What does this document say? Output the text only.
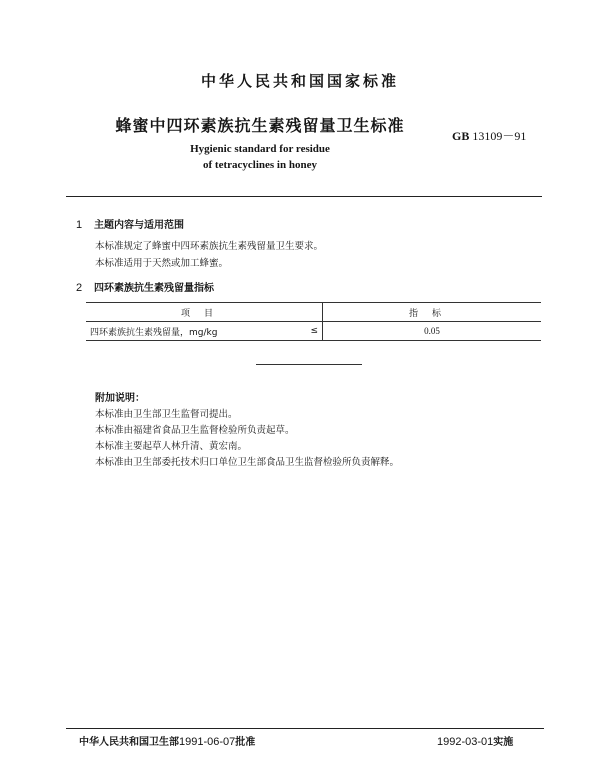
中华人民共和国国家标准
蜂蜜中四环素族抗生素残留量卫生标准
GB 13109－91
Hygienic standard for residue
of tetracyclines in honey
1 主题内容与适用范围
本标准规定了蜂蜜中四环素族抗生素残留量卫生要求。
本标准适用于天然或加工蜂蜜。
2 四环素族抗生素残留量指标
项目		指标
四环素族抗生素残留量，mg/kg	≤	0.05
附加说明：
本标准由卫生部卫生监督司提出。
本标准由福建省食品卫生监督检验所负责起草。
本标准主要起草人林升清、黄宏南。
本标准由卫生部委托技术归口单位卫生部食品卫生监督检验所负责解释。
中华人民共和国卫生部1991-06-07批准	1992-03-01实施
